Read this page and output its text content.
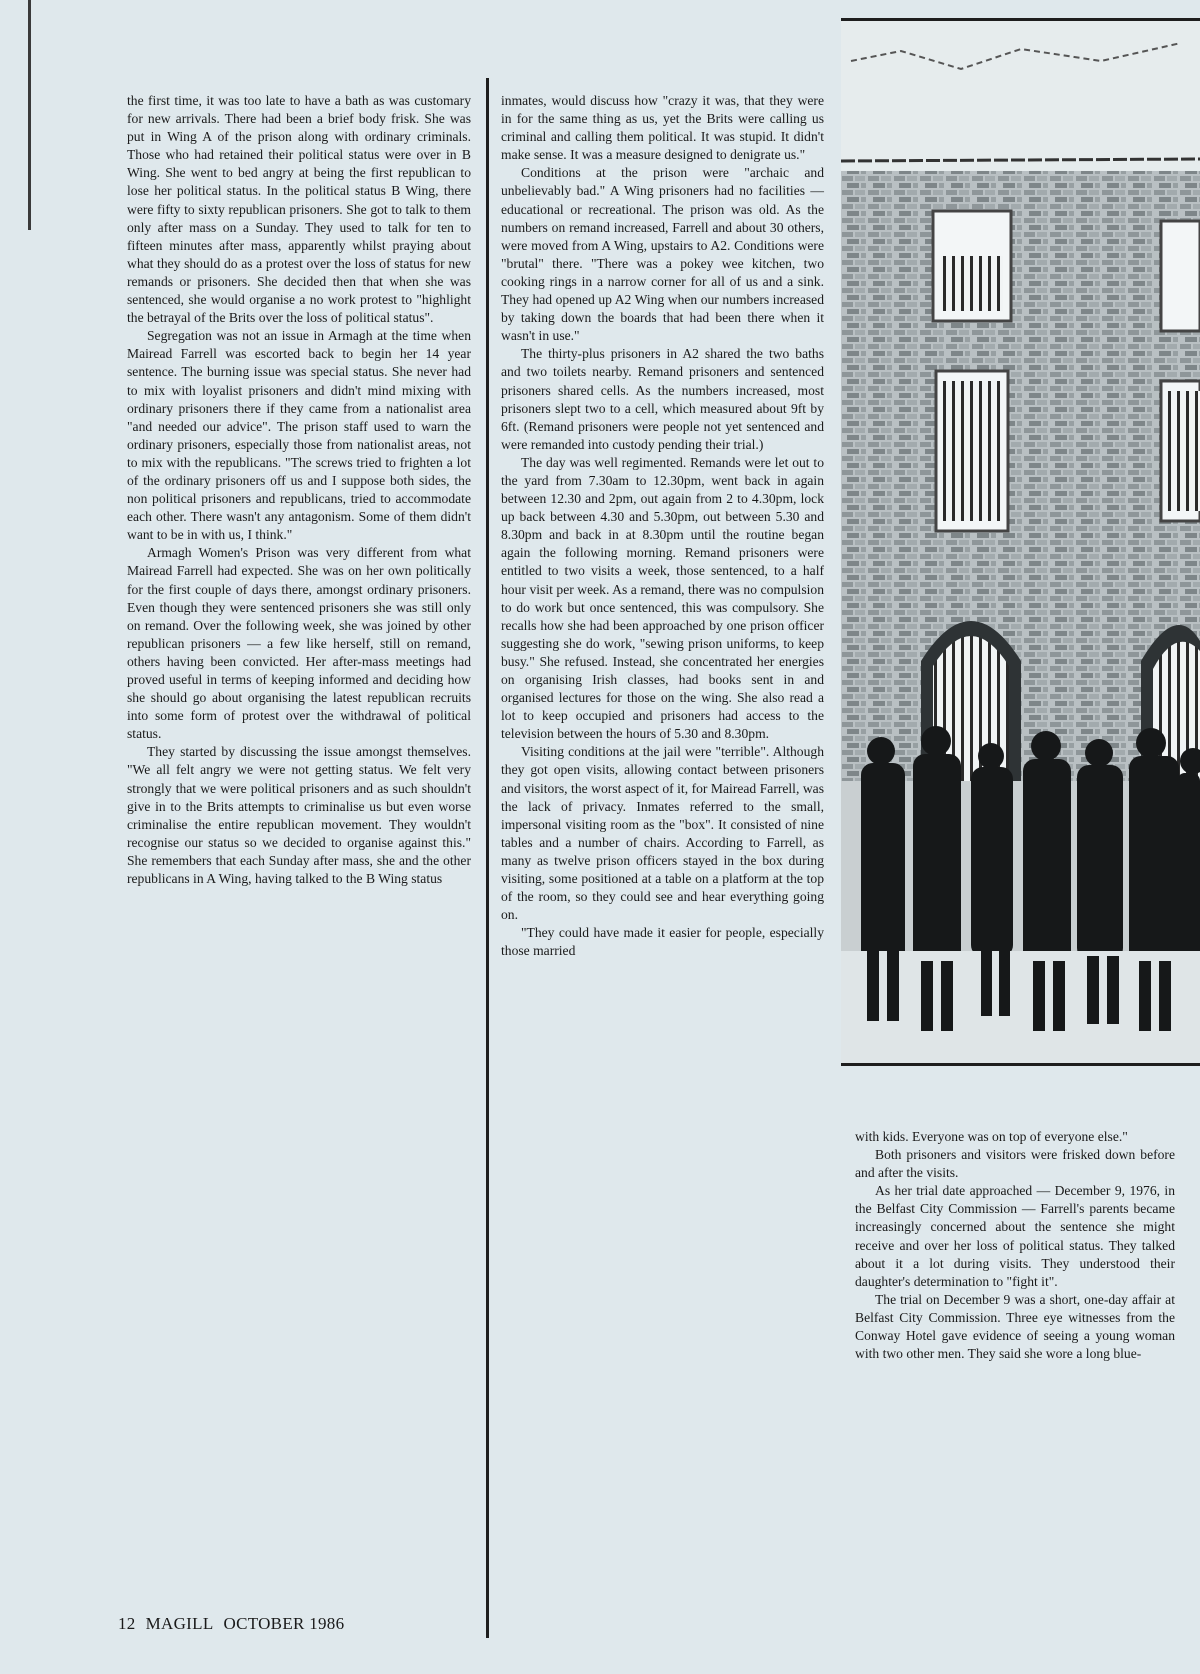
the first time, it was too late to have a bath as was customary for new arrivals. There had been a brief body frisk. She was put in Wing A of the prison along with ordinary criminals. Those who had retained their political status were over in B Wing. She went to bed angry at being the first republican to lose her political status. In the political status B Wing, there were fifty to sixty republican prisoners. She got to talk to them only after mass on a Sunday. They used to talk for ten to fifteen minutes after mass, apparently whilst praying about what they should do as a protest over the loss of status for new remands or prisoners. She decided then that when she was sentenced, she would organise a no work protest to "highlight the betrayal of the Brits over the loss of political status".

Segregation was not an issue in Armagh at the time when Mairead Farrell was escorted back to begin her 14 year sentence. The burning issue was special status. She never had to mix with loyalist prisoners and didn't mind mixing with ordinary prisoners there if they came from a nationalist area "and needed our advice". The prison staff used to warn the ordinary prisoners, especially those from nationalist areas, not to mix with the republicans. "The screws tried to frighten a lot of the ordinary prisoners off us and I suppose both sides, the non political prisoners and republicans, tried to accommodate each other. There wasn't any antagonism. Some of them didn't want to be in with us, I think."

Armagh Women's Prison was very different from what Mairead Farrell had expected. She was on her own politically for the first couple of days there, amongst ordinary prisoners. Even though they were sentenced prisoners she was still only on remand. Over the following week, she was joined by other republican prisoners — a few like herself, still on remand, others having been convicted. Her after-mass meetings had proved useful in terms of keeping informed and deciding how she should go about organising the latest republican recruits into some form of protest over the withdrawal of political status.

They started by discussing the issue amongst themselves. "We all felt angry we were not getting status. We felt very strongly that we were political prisoners and as such shouldn't give in to the Brits attempts to criminalise us but even worse criminalise the entire republican movement. They wouldn't recognise our status so we decided to organise against this." She remembers that each Sunday after mass, she and the other republicans in A Wing, having talked to the B Wing status

inmates, would discuss how "crazy it was, that they were in for the same thing as us, yet the Brits were calling us criminal and calling them political. It was stupid. It didn't make sense. It was a measure designed to denigrate us."

Conditions at the prison were "archaic and unbelievably bad." A Wing prisoners had no facilities — educational or recreational. The prison was old. As the numbers on remand increased, Farrell and about 30 others, were moved from A Wing, upstairs to A2. Conditions were "brutal" there. "There was a pokey wee kitchen, two cooking rings in a narrow corner for all of us and a sink. They had opened up A2 Wing when our numbers increased by taking down the boards that had been there when it wasn't in use."

The thirty-plus prisoners in A2 shared the two baths and two toilets nearby. Remand prisoners and sentenced prisoners shared cells. As the numbers increased, most prisoners slept two to a cell, which measured about 9ft by 6ft. (Remand prisoners were people not yet sentenced and were remanded into custody pending their trial.)

The day was well regimented. Remands were let out to the yard from 7.30am to 12.30pm, went back in again between 12.30 and 2pm, out again from 2 to 4.30pm, lock up back between 4.30 and 5.30pm, out between 5.30 and 8.30pm and back in at 8.30pm until the routine began again the following morning. Remand prisoners were entitled to two visits a week, those sentenced, to a half hour visit per week. As a remand, there was no compulsion to do work but once sentenced, this was compulsory. She recalls how she had been approached by one prison officer suggesting she do work, "sewing prison uniforms, to keep busy." She refused. Instead, she concentrated her energies on organising Irish classes, had books sent in and organised lectures for those on the wing. She also read a lot to keep occupied and prisoners had access to the television between the hours of 5.30 and 8.30pm.

Visiting conditions at the jail were "terrible". Although they got open visits, allowing contact between prisoners and visitors, the worst aspect of it, for Mairead Farrell, was the lack of privacy. Inmates referred to the small, impersonal visiting room as the "box". It consisted of nine tables and a number of chairs. According to Farrell, as many as twelve prison officers stayed in the box during visiting, some positioned at a table on a platform at the top of the room, so they could see and hear everything going on.

"They could have made it easier for people, especially those married

with kids. Everyone was on top of everyone else."

Both prisoners and visitors were frisked down before and after the visits.

As her trial date approached — December 9, 1976, in the Belfast City Commission — Farrell's parents became increasingly concerned about the sentence she might receive and over her loss of political status. They talked about it a lot during visits. They understood their daughter's determination to "fight it".

The trial on December 9 was a short, one-day affair at Belfast City Commission. Three eye witnesses from the Conway Hotel gave evidence of seeing a young woman with two other men. They said she wore a long blue-

12 MAGILL OCTOBER 1986
